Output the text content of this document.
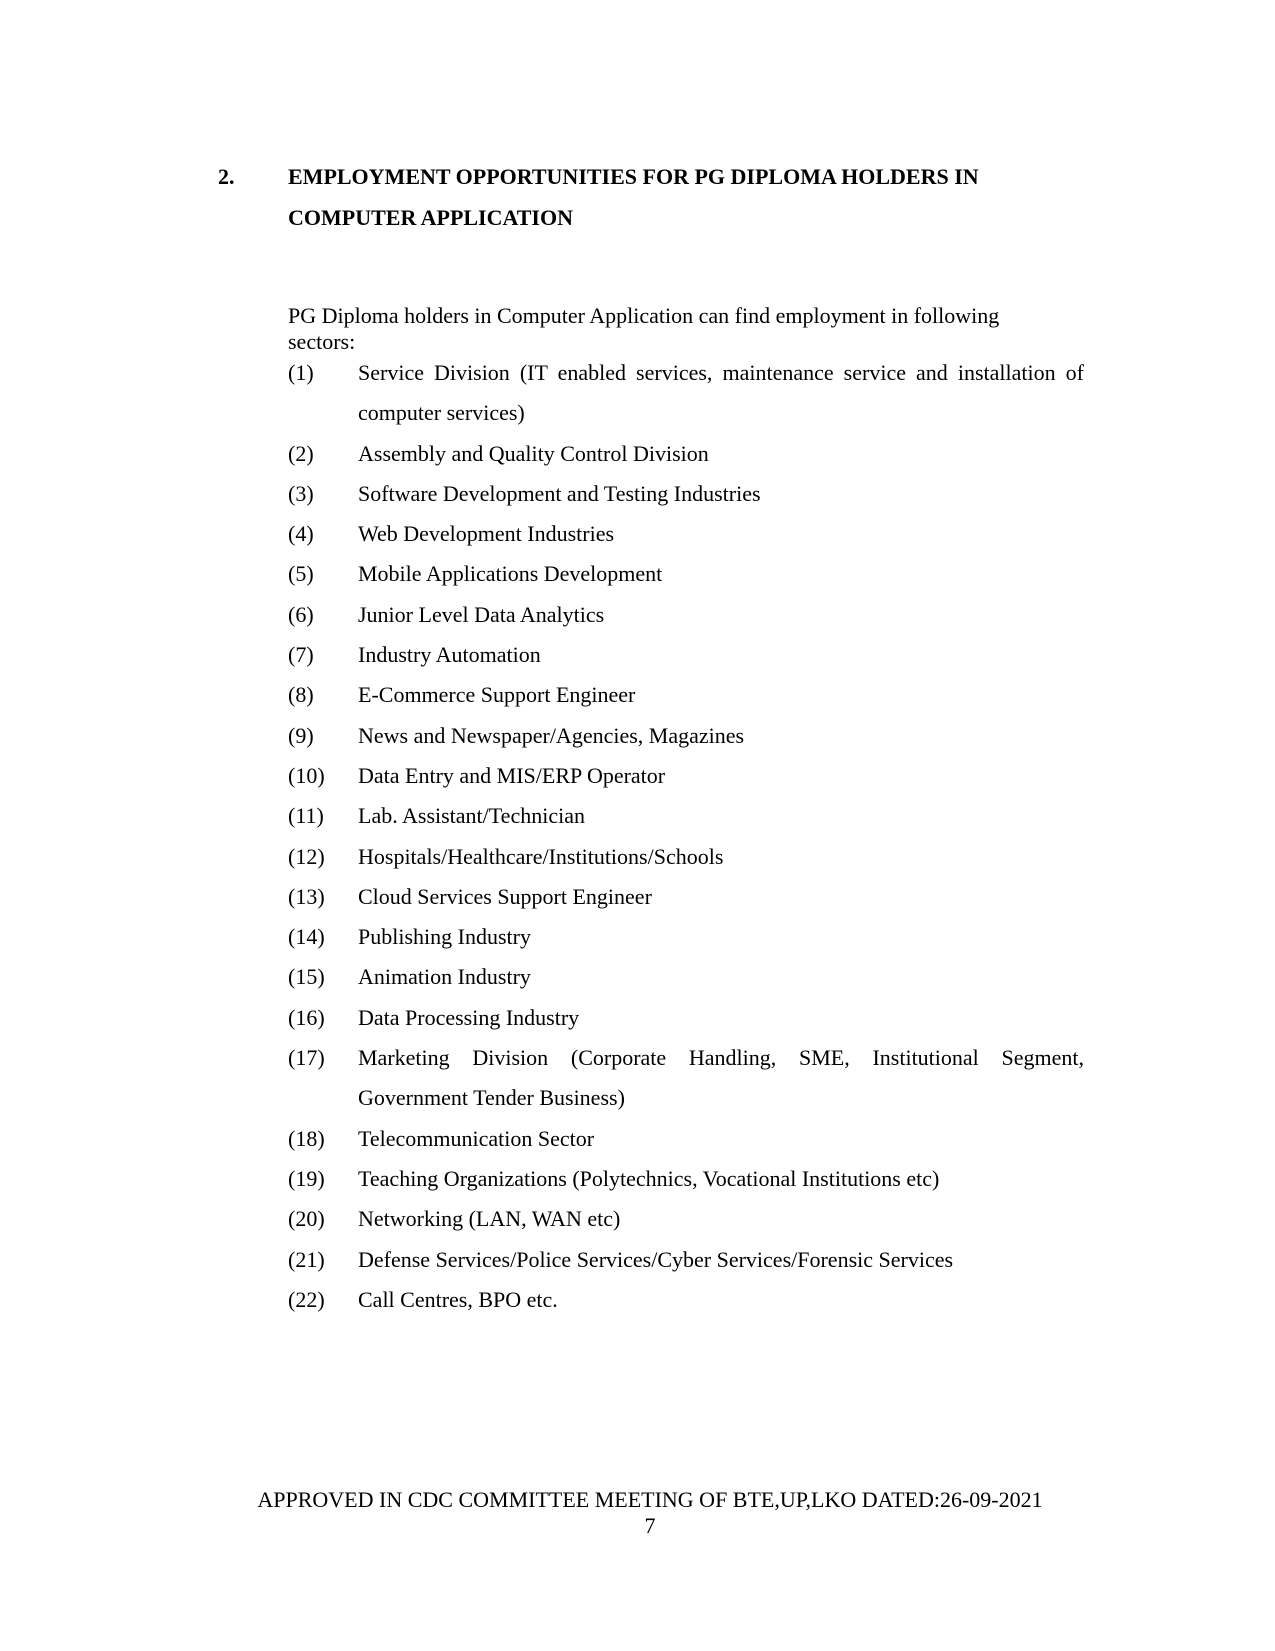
2. EMPLOYMENT OPPORTUNITIES FOR PG DIPLOMA HOLDERS IN COMPUTER APPLICATION

PG Diploma holders in Computer Application can find employment in following sectors:

(1)	Service Division (IT enabled services, maintenance service and installation of computer services)
(2)	Assembly and Quality Control Division
(3)	Software Development and Testing Industries
(4)	Web Development Industries
(5)	Mobile Applications Development
(6)	Junior Level Data Analytics
(7)	Industry Automation
(8)	E-Commerce Support Engineer
(9)	News and Newspaper/Agencies, Magazines
(10)	Data Entry and MIS/ERP Operator
(11)	Lab. Assistant/Technician
(12)	Hospitals/Healthcare/Institutions/Schools
(13)	Cloud Services Support Engineer
(14)	Publishing Industry
(15)	Animation Industry
(16)	Data Processing Industry
(17)	Marketing Division (Corporate Handling, SME, Institutional Segment, Government Tender Business)
(18)	Telecommunication Sector
(19)	Teaching Organizations (Polytechnics, Vocational Institutions etc)
(20)	Networking (LAN, WAN etc)
(21)	Defense Services/Police Services/Cyber Services/Forensic Services
(22)	Call Centres, BPO etc.
APPROVED IN CDC COMMITTEE MEETING OF BTE,UP,LKO DATED:26-09-2021
7
